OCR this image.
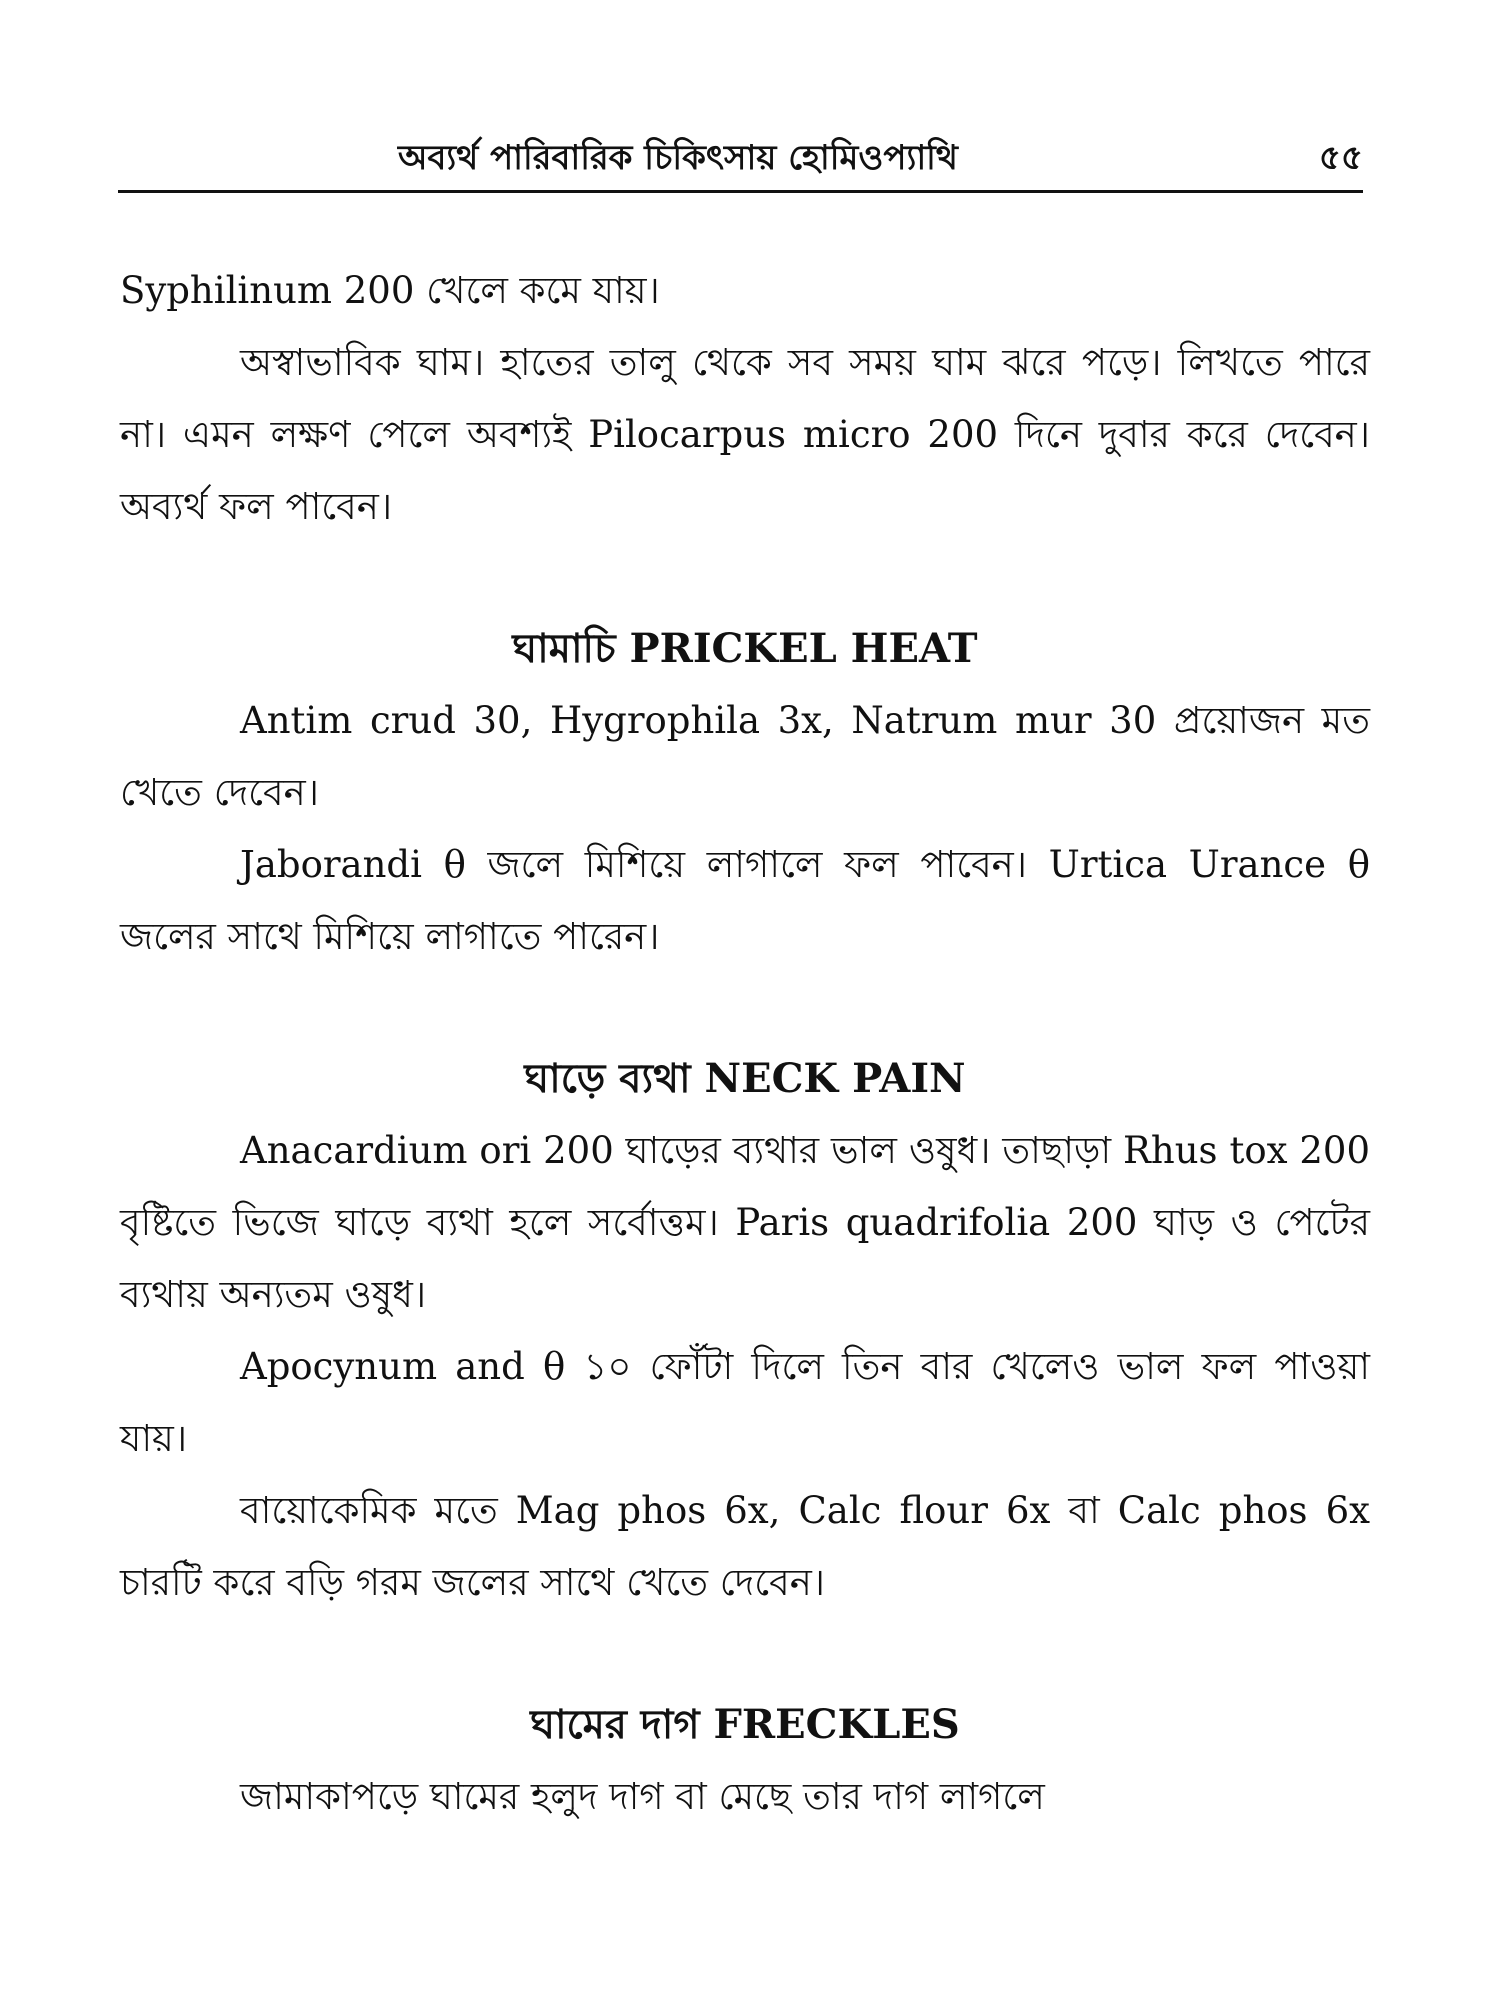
অব্যর্থ পারিবারিক চিকিৎসায় হোমিওপ্যাথি	৫৫

Syphilinum 200 খেলে কমে যায়।

অস্বাভাবিক ঘাম। হাতের তালু থেকে সব সময় ঘাম ঝরে পড়ে। লিখতে পারে না। এমন লক্ষণ পেলে অবশ্যই Pilocarpus micro 200 দিনে দুবার করে দেবেন। অব্যর্থ ফল পাবেন।

ঘামাচি PRICKEL HEAT

Antim crud 30, Hygrophila 3x, Natrum mur 30 প্রয়োজন মত খেতে দেবেন।

Jaborandi θ জলে মিশিয়ে লাগালে ফল পাবেন। Urtica Urance θ জলের সাথে মিশিয়ে লাগাতে পারেন।

ঘাড়ে ব্যথা NECK PAIN

Anacardium ori 200 ঘাড়ের ব্যথার ভাল ওষুধ। তাছাড়া Rhus tox 200 বৃষ্টিতে ভিজে ঘাড়ে ব্যথা হলে সর্বোত্তম। Paris quadrifolia 200 ঘাড় ও পেটের ব্যথায় অন্যতম ওষুধ।

Apocynum and θ ১০ ফোঁটা দিলে তিন বার খেলেও ভাল ফল পাওয়া যায়।

বায়োকেমিক মতে Mag phos 6x, Calc flour 6x বা Calc phos 6x চারটি করে বড়ি গরম জলের সাথে খেতে দেবেন।

ঘামের দাগ FRECKLES

জামাকাপড়ে ঘামের হলুদ দাগ বা মেছে তার দাগ লাগলে
